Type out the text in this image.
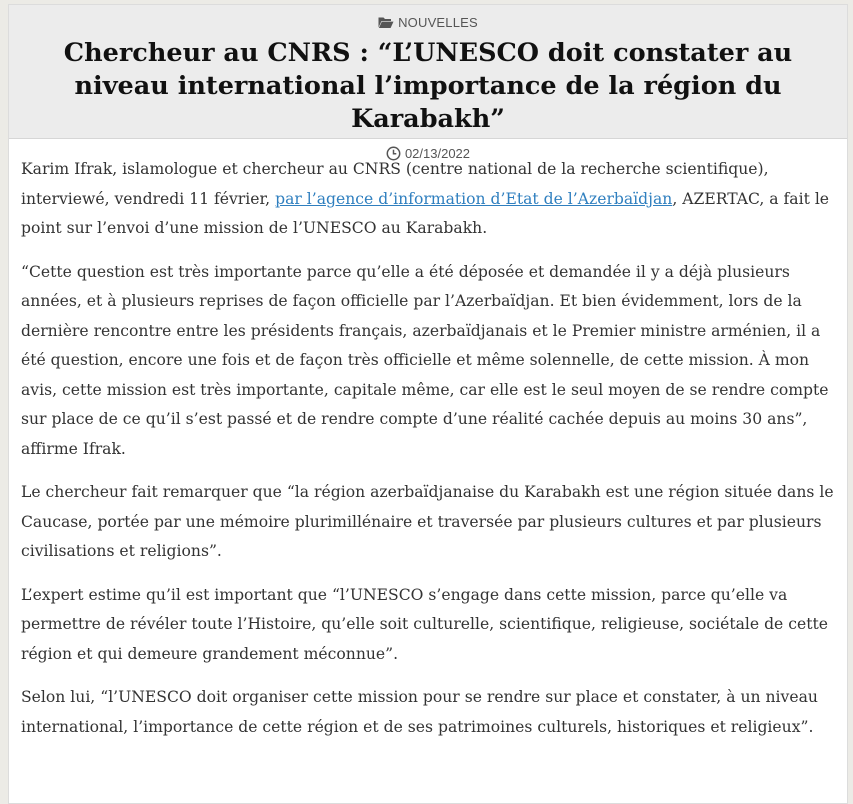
NOUVELLES
Chercheur au CNRS : “L’UNESCO doit constater au niveau international l’importance de la région du Karabakh”
02/13/2022

Karim Ifrak, islamologue et chercheur au CNRS (centre national de la recherche scientifique), interviewé, vendredi 11 février, par l’agence d’information d’Etat de l’Azerbaïdjan, AZERTAC, a fait le point sur l’envoi d’une mission de l’UNESCO au Karabakh.

“Cette question est très importante parce qu’elle a été déposée et demandée il y a déjà plusieurs années, et à plusieurs reprises de façon officielle par l’Azerbaïdjan. Et bien évidemment, lors de la dernière rencontre entre les présidents français, azerbaïdjanais et le Premier ministre arménien, il a été question, encore une fois et de façon très officielle et même solennelle, de cette mission. À mon avis, cette mission est très importante, capitale même, car elle est le seul moyen de se rendre compte sur place de ce qu’il s’est passé et de rendre compte d’une réalité cachée depuis au moins 30 ans”, affirme Ifrak.

Le chercheur fait remarquer que “la région azerbaïdjanaise du Karabakh est une région située dans le Caucase, portée par une mémoire plurimillénaire et traversée par plusieurs cultures et par plusieurs civilisations et religions”.

L’expert estime qu’il est important que “l’UNESCO s’engage dans cette mission, parce qu’elle va permettre de révéler toute l’Histoire, qu’elle soit culturelle, scientifique, religieuse, sociétale de cette région et qui demeure grandement méconnue”.

Selon lui, “l’UNESCO doit organiser cette mission pour se rendre sur place et constater, à un niveau international, l’importance de cette région et de ses patrimoines culturels, historiques et religieux”.
